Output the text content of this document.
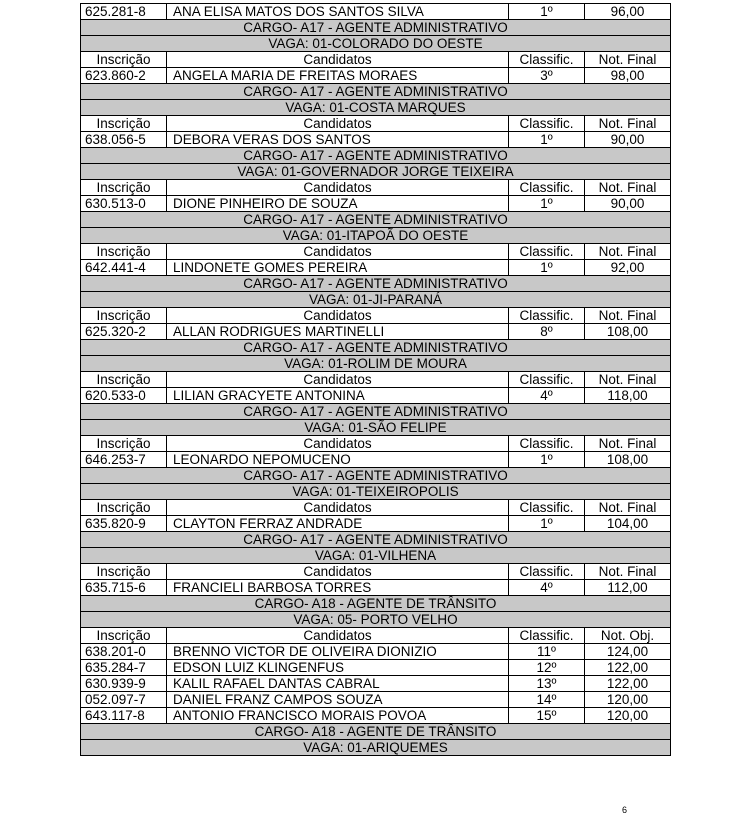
625.281-8	ANA ELISA MATOS DOS SANTOS SILVA	1º	96,00
CARGO- A17 - AGENTE ADMINISTRATIVO			
VAGA: 01-COLORADO DO OESTE			
Inscrição	Candidatos	Classific.	Not. Final
623.860-2	ANGELA MARIA DE FREITAS MORAES	3º	98,00
CARGO- A17 - AGENTE ADMINISTRATIVO			
VAGA: 01-COSTA MARQUES			
Inscrição	Candidatos	Classific.	Not. Final
638.056-5	DEBORA VERAS DOS SANTOS	1º	90,00
CARGO- A17 - AGENTE ADMINISTRATIVO			
VAGA: 01-GOVERNADOR JORGE TEIXEIRA			
Inscrição	Candidatos	Classific.	Not. Final
630.513-0	DIONE PINHEIRO DE SOUZA	1º	90,00
CARGO- A17 - AGENTE ADMINISTRATIVO			
VAGA: 01-ITAPOÃ DO OESTE			
Inscrição	Candidatos	Classific.	Not. Final
642.441-4	LINDONETE GOMES PEREIRA	1º	92,00
CARGO- A17 - AGENTE ADMINISTRATIVO			
VAGA: 01-JI-PARANÁ			
Inscrição	Candidatos	Classific.	Not. Final
625.320-2	ALLAN RODRIGUES MARTINELLI	8º	108,00
CARGO- A17 - AGENTE ADMINISTRATIVO			
VAGA: 01-ROLIM DE MOURA			
Inscrição	Candidatos	Classific.	Not. Final
620.533-0	LILIAN GRACYETE ANTONINA	4º	118,00
CARGO- A17 - AGENTE ADMINISTRATIVO			
VAGA: 01-SÃO FELIPE			
Inscrição	Candidatos	Classific.	Not. Final
646.253-7	LEONARDO NEPOMUCENO	1º	108,00
CARGO- A17 - AGENTE ADMINISTRATIVO			
VAGA: 01-TEIXEIROPOLIS			
Inscrição	Candidatos	Classific.	Not. Final
635.820-9	CLAYTON FERRAZ ANDRADE	1º	104,00
CARGO- A17 - AGENTE ADMINISTRATIVO			
VAGA: 01-VILHENA			
Inscrição	Candidatos	Classific.	Not. Final
635.715-6	FRANCIELI BARBOSA TORRES	4º	112,00
CARGO- A18 - AGENTE DE TRÂNSITO			
VAGA: 05- PORTO VELHO			
Inscrição	Candidatos	Classific.	Not. Obj.
638.201-0	BRENNO VICTOR DE OLIVEIRA DIONIZIO	11º	124,00
635.284-7	EDSON LUIZ KLINGENFUS	12º	122,00
630.939-9	KALIL RAFAEL DANTAS CABRAL	13º	122,00
052.097-7	DANIEL FRANZ CAMPOS SOUZA	14º	120,00
643.117-8	ANTONIO FRANCISCO MORAIS POVOA	15º	120,00
CARGO- A18 - AGENTE DE TRÂNSITO			
VAGA: 01-ARIQUEMES			
6
